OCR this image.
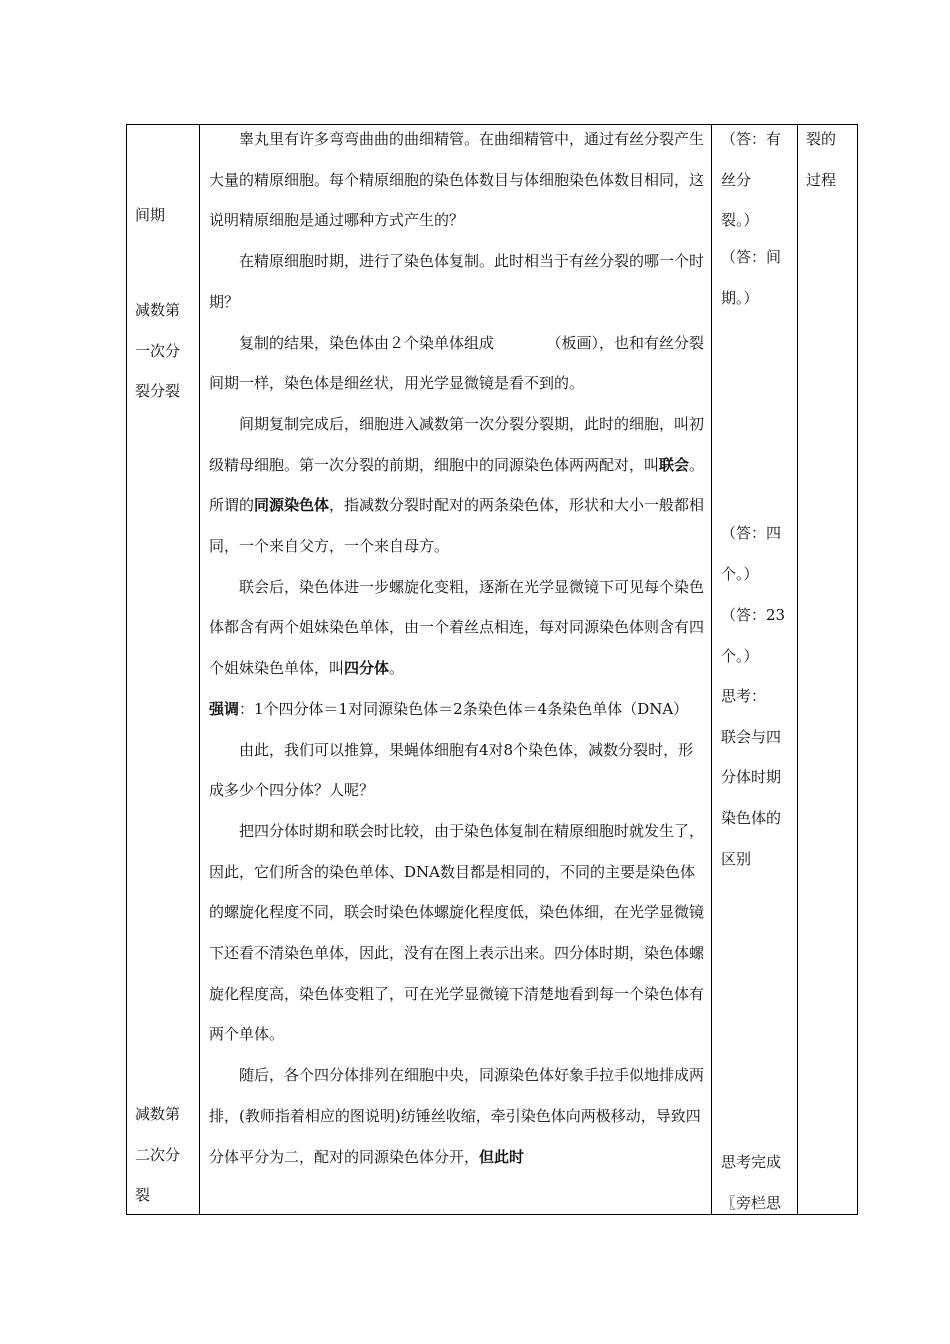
间期
减数第
一次分
裂分裂
减数第
二次分
裂

睾丸里有许多弯弯曲曲的曲细精管。在曲细精管中，通过有丝分裂产生大量的精原细胞。每个精原细胞的染色体数目与体细胞染色体数目相同，这说明精原细胞是通过哪种方式产生的？

在精原细胞时期，进行了染色体复制。此时相当于有丝分裂的哪一个时期？

复制的结果，染色体由２个染单体组成　　　　（板画），也和有丝分裂间期一样，染色体是细丝状，用光学显微镜是看不到的。

间期复制完成后，细胞进入减数第一次分裂分裂期，此时的细胞，叫初级精母细胞。第一次分裂的前期，细胞中的同源染色体两两配对，叫联会。所谓的同源染色体，指减数分裂时配对的两条染色体，形状和大小一般都相同，一个来自父方，一个来自母方。

联会后，染色体进一步螺旋化变粗，逐渐在光学显微镜下可见每个染色体都含有两个姐妹染色单体，由一个着丝点相连，每对同源染色体则含有四个姐妹染色单体，叫四分体。

强调：1个四分体＝1对同源染色体＝2条染色体＝4条染色单体（DNA）

由此，我们可以推算，果蝇体细胞有4对8个染色体，减数分裂时，形成多少个四分体？人呢？

把四分体时期和联会时比较，由于染色体复制在精原细胞时就发生了，因此，它们所含的染色单体、DNA数目都是相同的，不同的主要是染色体的螺旋化程度不同，联会时染色体螺旋化程度低，染色体细，在光学显微镜下还看不清染色单体，因此，没有在图上表示出来。四分体时期，染色体螺旋化程度高，染色体变粗了，可在光学显微镜下清楚地看到每一个染色体有两个单体。

随后，各个四分体排列在细胞中央，同源染色体好象手拉手似地排成两排，(教师指着相应的图说明)纺锤丝收缩，牵引染色体向两极移动，导致四分体平分为二，配对的同源染色体分开，但此时

（答：有
丝分
裂。）
（答：间
期。）
（答：四
个。）
（答：23
个。）
思考：
联会与四
分体时期
染色体的
区别
思考完成
〖旁栏思
裂的
过程
